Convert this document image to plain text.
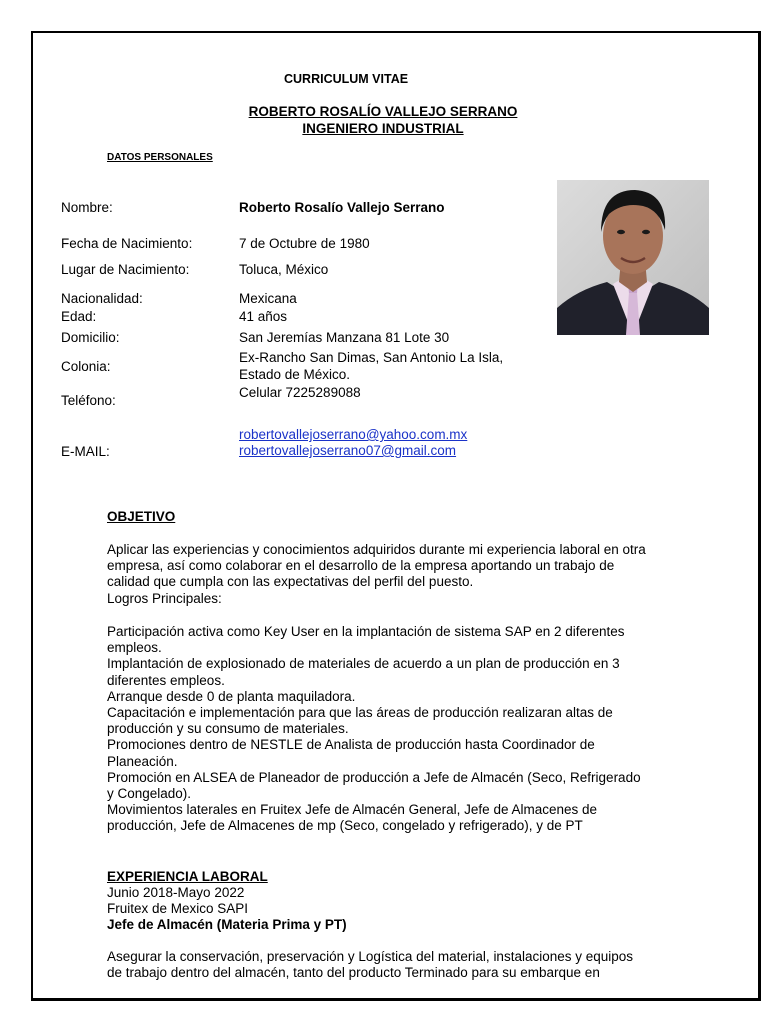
CURRICULUM VITAE
ROBERTO ROSALÍO VALLEJO SERRANO
INGENIERO INDUSTRIAL
DATOS PERSONALES
Nombre:	Roberto Rosalío Vallejo Serrano
Fecha de Nacimiento:	7 de Octubre de 1980
Lugar de Nacimiento:	Toluca, México
Nacionalidad:	Mexicana
Edad:	41 años
Domicilio:	San Jeremías Manzana 81 Lote 30
Colonia:
Ex-Rancho San Dimas, San Antonio La Isla,
Estado de México.
Teléfono:
Celular 7225289088
E-MAIL:
robertovallejoserrano@yahoo.com.mx
robertovallejoserrano07@gmail.com
OBJETIVO
Aplicar las experiencias y conocimientos adquiridos durante mi experiencia laboral en otra
empresa, así como colaborar en el desarrollo de la empresa aportando un trabajo de
calidad que cumpla con las expectativas del perfil del puesto.
Logros Principales:
Participación activa como Key User en la implantación de sistema SAP en 2 diferentes
empleos.
Implantación de explosionado de materiales de acuerdo a un plan de producción en 3
diferentes empleos.
Arranque desde 0 de planta maquiladora.
Capacitación e implementación para que las áreas de producción realizaran altas de
producción y su consumo de materiales.
Promociones dentro de NESTLE de Analista de producción hasta Coordinador de
Planeación.
Promoción en ALSEA de Planeador de producción a Jefe de Almacén (Seco, Refrigerado
y Congelado).
Movimientos laterales en Fruitex Jefe de Almacén General, Jefe de Almacenes de
producción, Jefe de Almacenes de mp (Seco, congelado y refrigerado), y de PT
EXPERIENCIA LABORAL
Junio 2018-Mayo 2022
Fruitex de Mexico SAPI
Jefe de Almacén (Materia Prima y PT)
Asegurar la conservación, preservación y Logística del material, instalaciones y equipos
de trabajo dentro del almacén, tanto del producto Terminado para su embarque en
